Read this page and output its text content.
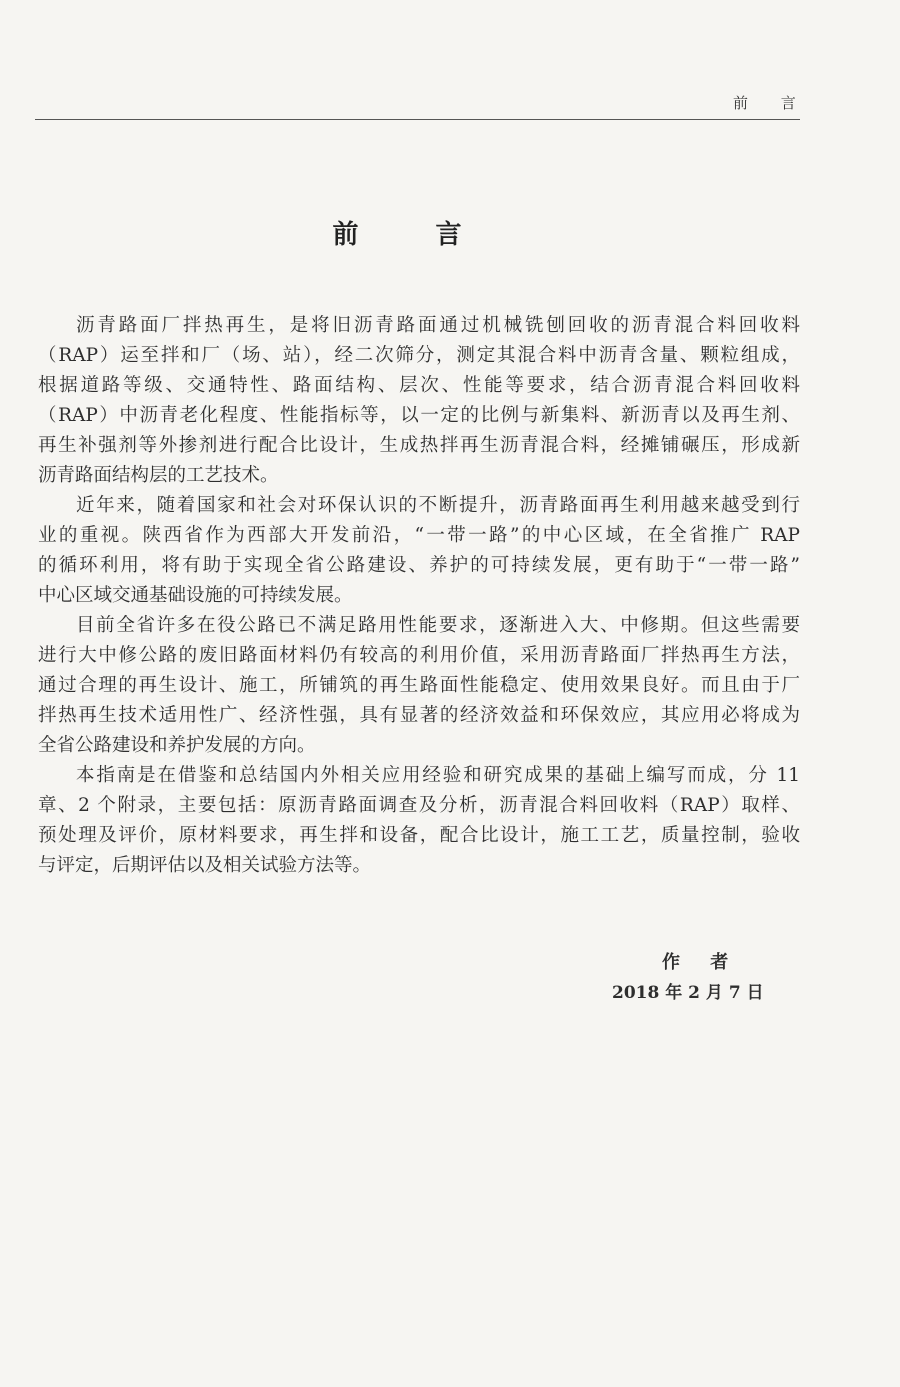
前 言
前 言
沥青路面厂拌热再生，是将旧沥青路面通过机械铣刨回收的沥青混合料回收料
（RAP）运至拌和厂（场、站），经二次筛分，测定其混合料中沥青含量、颗粒组成，
根据道路等级、交通特性、路面结构、层次、性能等要求，结合沥青混合料回收料
（RAP）中沥青老化程度、性能指标等，以一定的比例与新集料、新沥青以及再生剂、
再生补强剂等外掺剂进行配合比设计，生成热拌再生沥青混合料，经摊铺碾压，形成新
沥青路面结构层的工艺技术。
近年来，随着国家和社会对环保认识的不断提升，沥青路面再生利用越来越受到行
业的重视。陕西省作为西部大开发前沿，“一带一路”的中心区域，在全省推广 RAP
的循环利用，将有助于实现全省公路建设、养护的可持续发展，更有助于“一带一路”
中心区域交通基础设施的可持续发展。
目前全省许多在役公路已不满足路用性能要求，逐渐进入大、中修期。但这些需要
进行大中修公路的废旧路面材料仍有较高的利用价值，采用沥青路面厂拌热再生方法，
通过合理的再生设计、施工，所铺筑的再生路面性能稳定、使用效果良好。而且由于厂
拌热再生技术适用性广、经济性强，具有显著的经济效益和环保效应，其应用必将成为
全省公路建设和养护发展的方向。
本指南是在借鉴和总结国内外相关应用经验和研究成果的基础上编写而成，分 11
章、2 个附录，主要包括：原沥青路面调查及分析，沥青混合料回收料（RAP）取样、
预处理及评价，原材料要求，再生拌和设备，配合比设计，施工工艺，质量控制，验收
与评定，后期评估以及相关试验方法等。
作 者
2018 年 2 月 7 日
